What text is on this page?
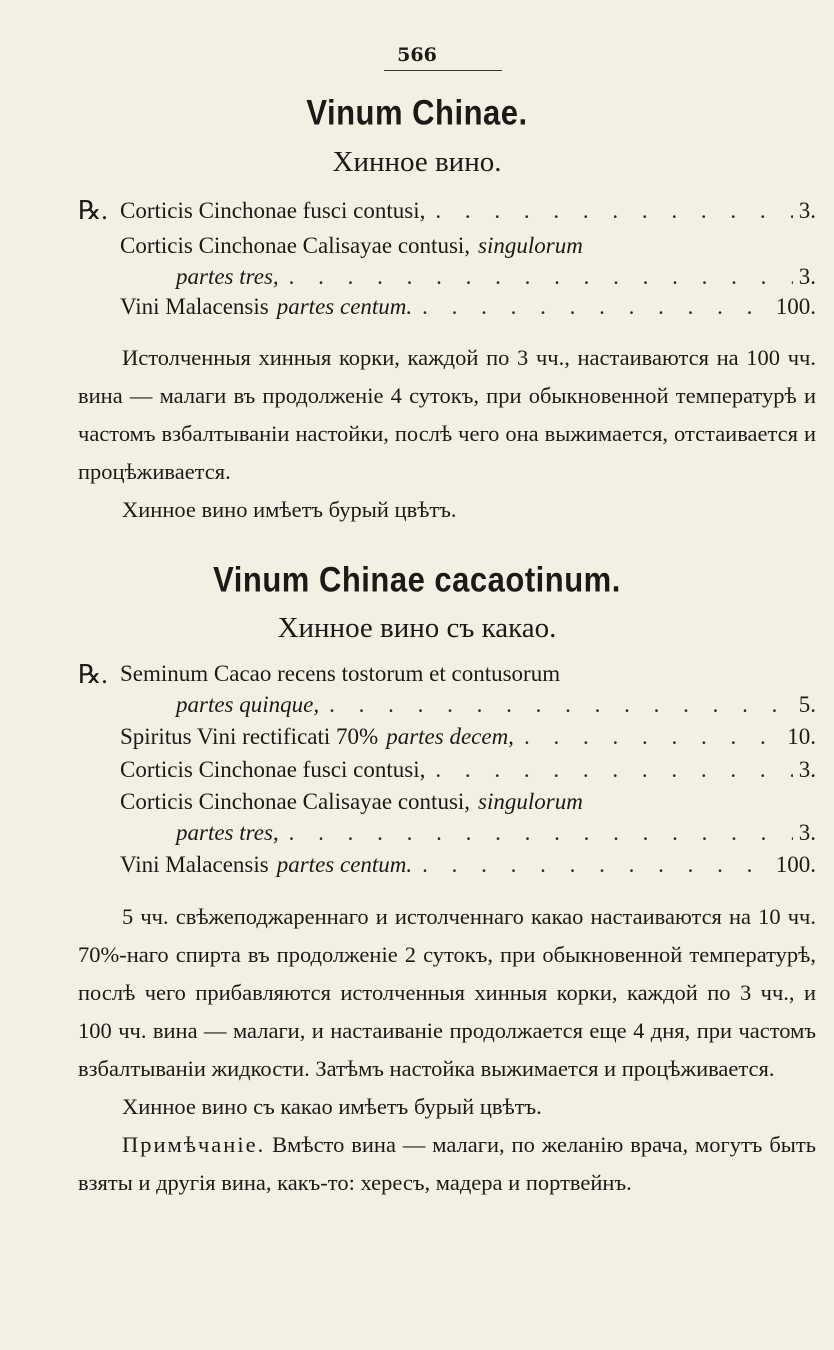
566
Vinum Chinae.
Хинное вино.
℞. Corticis Cinchonae fusci contusi, . . .	3.
Corticis Cinchonae Calisayae contusi, singulorum
partes tres, . . .	3.
Vini Malacensis partes centum. . . .	100.

Истолченныя хинныя корки, каждой по 3 чч., настаиваются на 100 чч. вина — малаги въ продолженіе 4 сутокъ, при обыкновенной температурѣ и частомъ взбалтываніи настойки, послѣ чего она выжимается, отстаивается и процѣживается.

Хинное вино имѣетъ бурый цвѣтъ.

Vinum Chinae cacaotinum.
Хинное вино съ какао.
℞. Seminum Cacao recens tostorum et contusorum
partes quinque, . . .	5.
Spiritus Vini rectificati 70% partes decem, . . .	10.
Corticis Cinchonae fusci contusi, . . .	3.
Corticis Cinchonae Calisayae contusi, singulorum
partes tres, . . .	3.
Vini Malacensis partes centum. . . .	100.

5 чч. свѣжеподжареннаго и истолченнаго какао настаиваются на 10 чч. 70%-наго спирта въ продолженіе 2 сутокъ, при обыкновенной температурѣ, послѣ чего прибавляются истолченныя хинныя корки, каждой по 3 чч., и 100 чч. вина — малаги, и настаиваніе продолжается еще 4 дня, при частомъ взбалтываніи жидкости. Затѣмъ настойка выжимается и процѣживается.

Хинное вино съ какао имѣетъ бурый цвѣтъ.

Примѣчаніе. Вмѣсто вина — малаги, по желанію врача, могутъ быть взяты и другія вина, какъ-то: хересъ, мадера и портвейнъ.
